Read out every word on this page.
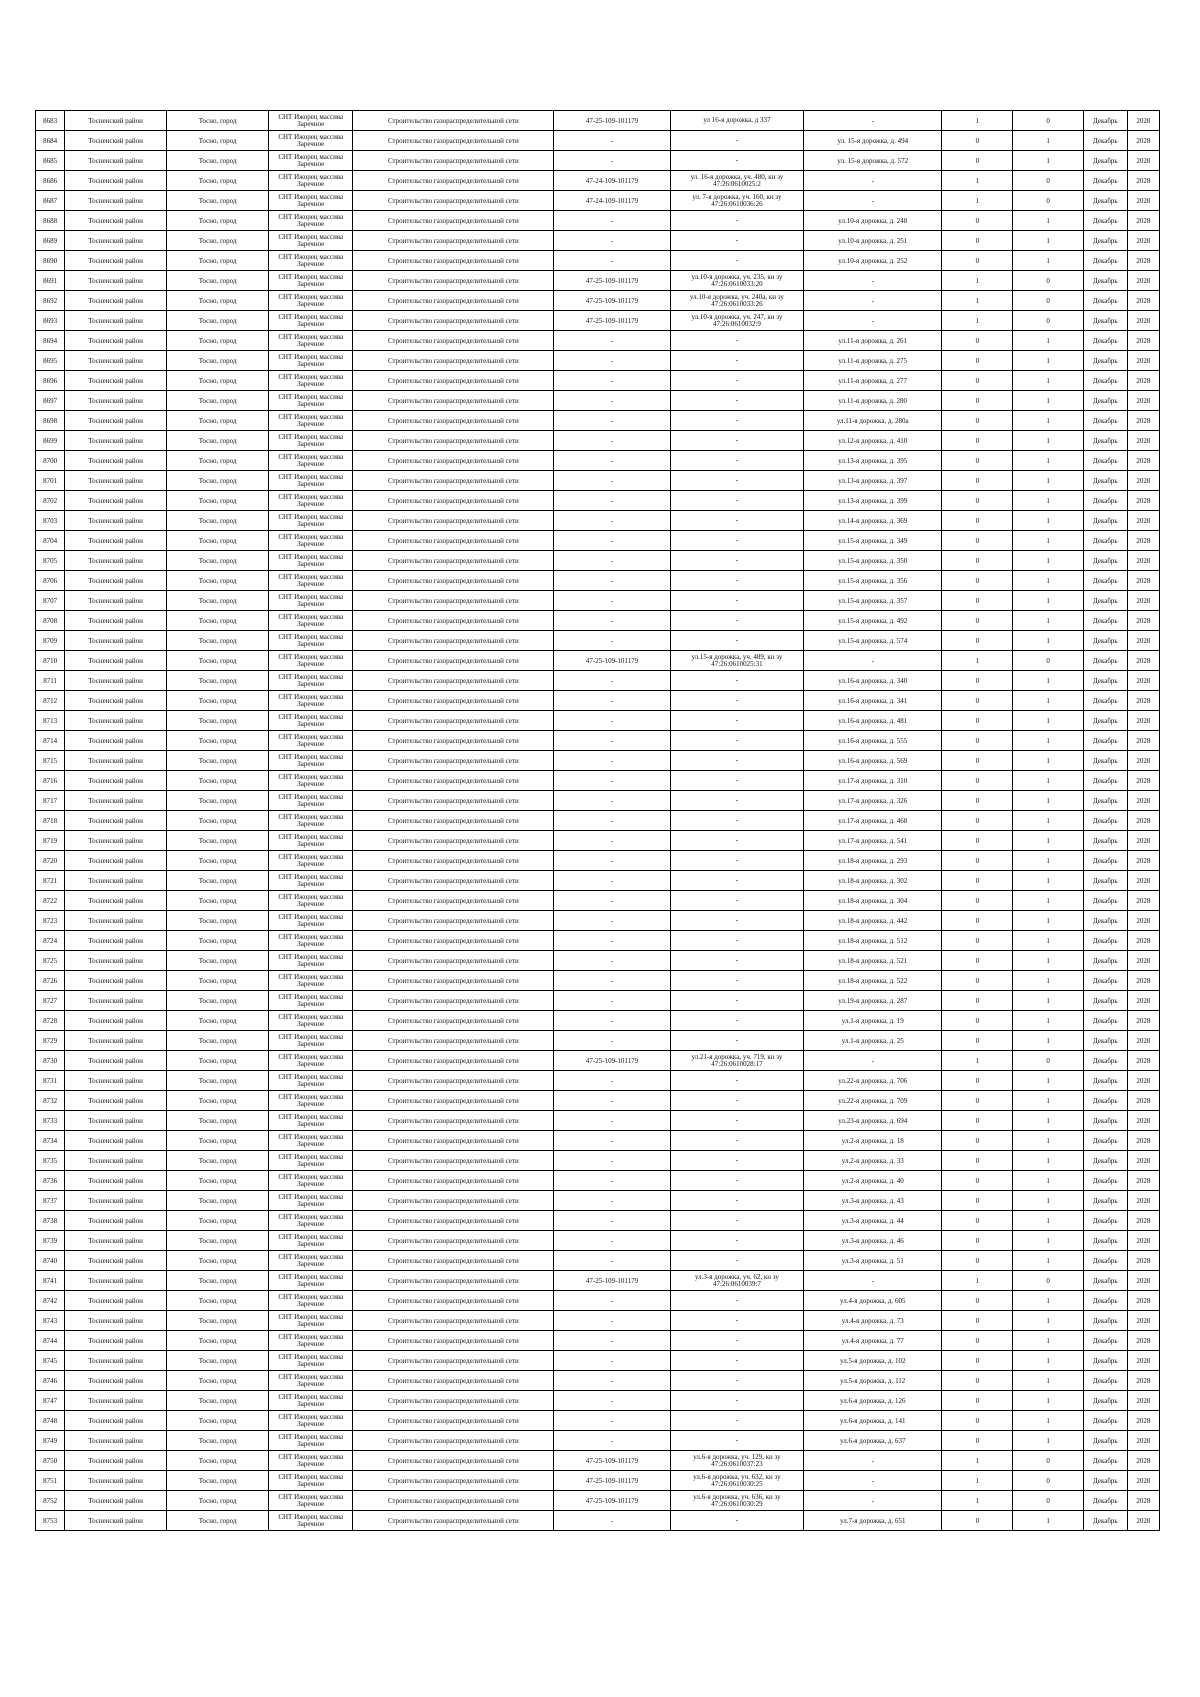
8683	Тосненский район	Тосно, город	СНТ Ижорец массива Заречное	Строительство газораспределительной сети	47-25-109-101179	ул 16-я дорожка, д 337	-	1	0	Декабрь	2028
8684	Тосненский район	Тосно, город	СНТ Ижорец массива Заречное	Строительство газораспределительной сети	-	-	ул. 15-я дорожка, д. 494	0	1	Декабрь	2028
8685	Тосненский район	Тосно, город	СНТ Ижорец массива Заречное	Строительство газораспределительной сети	-	-	ул. 15-я дорожка, д. 572	0	1	Декабрь	2028
8686	Тосненский район	Тосно, город	СНТ Ижорец массива Заречное	Строительство газораспределительной сети	47-24-109-101179	ул. 16-я дорожка, уч. 480, кн зу 47:26:0610025:2	-	1	0	Декабрь	2028
8687	Тосненский район	Тосно, город	СНТ Ижорец массива Заречное	Строительство газораспределительной сети	47-24-109-101179	ул. 7-я дорожка, уч. 160, кн зу 47:26:0610036:26	-	1	0	Декабрь	2028
8688	Тосненский район	Тосно, город	СНТ Ижорец массива Заречное	Строительство газораспределительной сети	-	-	ул.10-я дорожка, д. 248	0	1	Декабрь	2028
8689	Тосненский район	Тосно, город	СНТ Ижорец массива Заречное	Строительство газораспределительной сети	-	-	ул.10-я дорожка, д. 251	0	1	Декабрь	2028
8690	Тосненский район	Тосно, город	СНТ Ижорец массива Заречное	Строительство газораспределительной сети	-	-	ул.10-я дорожка, д. 252	0	1	Декабрь	2028
8691	Тосненский район	Тосно, город	СНТ Ижорец массива Заречное	Строительство газораспределительной сети	47-25-109-101179	ул.10-я дорожка, уч. 235, кн зу 47:26:0610033:20	-	1	0	Декабрь	2028
8692	Тосненский район	Тосно, город	СНТ Ижорец массива Заречное	Строительство газораспределительной сети	47-25-109-101179	ул.10-я дорожка, уч. 240а, кн зу 47:26:0610033:26	-	1	0	Декабрь	2028
8693	Тосненский район	Тосно, город	СНТ Ижорец массива Заречное	Строительство газораспределительной сети	47-25-109-101179	ул.10-я дорожка, уч. 247, кн зу 47:26:0610032:9	-	1	0	Декабрь	2028
8694	Тосненский район	Тосно, город	СНТ Ижорец массива Заречное	Строительство газораспределительной сети	-	-	ул.11-я дорожка, д. 261	0	1	Декабрь	2028
8695	Тосненский район	Тосно, город	СНТ Ижорец массива Заречное	Строительство газораспределительной сети	-	-	ул.11-я дорожка, д. 275	0	1	Декабрь	2028
8696	Тосненский район	Тосно, город	СНТ Ижорец массива Заречное	Строительство газораспределительной сети	-	-	ул.11-я дорожка, д. 277	0	1	Декабрь	2028
8697	Тосненский район	Тосно, город	СНТ Ижорец массива Заречное	Строительство газораспределительной сети	-	-	ул.11-я дорожка, д. 280	0	1	Декабрь	2028
8698	Тосненский район	Тосно, город	СНТ Ижорец массива Заречное	Строительство газораспределительной сети	-	-	ул.11-я дорожка, д. 280а	0	1	Декабрь	2028
8699	Тосненский район	Тосно, город	СНТ Ижорец массива Заречное	Строительство газораспределительной сети	-	-	ул.12-я дорожка, д. 410	0	1	Декабрь	2028
8700	Тосненский район	Тосно, город	СНТ Ижорец массива Заречное	Строительство газораспределительной сети	-	-	ул.13-я дорожка, д. 395	0	1	Декабрь	2028
8701	Тосненский район	Тосно, город	СНТ Ижорец массива Заречное	Строительство газораспределительной сети	-	-	ул.13-я дорожка, д. 397	0	1	Декабрь	2028
8702	Тосненский район	Тосно, город	СНТ Ижорец массива Заречное	Строительство газораспределительной сети	-	-	ул.13-я дорожка, д. 399	0	1	Декабрь	2028
8703	Тосненский район	Тосно, город	СНТ Ижорец массива Заречное	Строительство газораспределительной сети	-	-	ул.14-я дорожка, д. 369	0	1	Декабрь	2028
8704	Тосненский район	Тосно, город	СНТ Ижорец массива Заречное	Строительство газораспределительной сети	-	-	ул.15-я дорожка, д. 349	0	1	Декабрь	2028
8705	Тосненский район	Тосно, город	СНТ Ижорец массива Заречное	Строительство газораспределительной сети	-	-	ул.15-я дорожка, д. 350	0	1	Декабрь	2028
8706	Тосненский район	Тосно, город	СНТ Ижорец массива Заречное	Строительство газораспределительной сети	-	-	ул.15-я дорожка, д. 356	0	1	Декабрь	2028
8707	Тосненский район	Тосно, город	СНТ Ижорец массива Заречное	Строительство газораспределительной сети	-	-	ул.15-я дорожка, д. 357	0	1	Декабрь	2028
8708	Тосненский район	Тосно, город	СНТ Ижорец массива Заречное	Строительство газораспределительной сети	-	-	ул.15-я дорожка, д. 492	0	1	Декабрь	2028
8709	Тосненский район	Тосно, город	СНТ Ижорец массива Заречное	Строительство газораспределительной сети	-	-	ул.15-я дорожка, д. 574	0	1	Декабрь	2028
8710	Тосненский район	Тосно, город	СНТ Ижорец массива Заречное	Строительство газораспределительной сети	47-25-109-101179	ул.15-я дорожка, уч. 489, кн зу 47:26:0610025:31	-	1	0	Декабрь	2028
8711	Тосненский район	Тосно, город	СНТ Ижорец массива Заречное	Строительство газораспределительной сети	-	-	ул.16-я дорожка, д. 340	0	1	Декабрь	2028
8712	Тосненский район	Тосно, город	СНТ Ижорец массива Заречное	Строительство газораспределительной сети	-	-	ул.16-я дорожка, д. 341	0	1	Декабрь	2028
8713	Тосненский район	Тосно, город	СНТ Ижорец массива Заречное	Строительство газораспределительной сети	-	-	ул.16-я дорожка, д. 481	0	1	Декабрь	2028
8714	Тосненский район	Тосно, город	СНТ Ижорец массива Заречное	Строительство газораспределительной сети	-	-	ул.16-я дорожка, д. 555	0	1	Декабрь	2028
8715	Тосненский район	Тосно, город	СНТ Ижорец массива Заречное	Строительство газораспределительной сети	-	-	ул.16-я дорожка, д. 569	0	1	Декабрь	2028
8716	Тосненский район	Тосно, город	СНТ Ижорец массива Заречное	Строительство газораспределительной сети	-	-	ул.17-я дорожка, д. 310	0	1	Декабрь	2028
8717	Тосненский район	Тосно, город	СНТ Ижорец массива Заречное	Строительство газораспределительной сети	-	-	ул.17-я дорожка, д. 326	0	1	Декабрь	2028
8718	Тосненский район	Тосно, город	СНТ Ижорец массива Заречное	Строительство газораспределительной сети	-	-	ул.17-я дорожка, д. 468	0	1	Декабрь	2028
8719	Тосненский район	Тосно, город	СНТ Ижорец массива Заречное	Строительство газораспределительной сети	-	-	ул.17-я дорожка, д. 541	0	1	Декабрь	2028
8720	Тосненский район	Тосно, город	СНТ Ижорец массива Заречное	Строительство газораспределительной сети	-	-	ул.18-я дорожка, д. 293	0	1	Декабрь	2028
8721	Тосненский район	Тосно, город	СНТ Ижорец массива Заречное	Строительство газораспределительной сети	-	-	ул.18-я дорожка, д. 302	0	1	Декабрь	2028
8722	Тосненский район	Тосно, город	СНТ Ижорец массива Заречное	Строительство газораспределительной сети	-	-	ул.18-я дорожка, д. 304	0	1	Декабрь	2028
8723	Тосненский район	Тосно, город	СНТ Ижорец массива Заречное	Строительство газораспределительной сети	-	-	ул.18-я дорожка, д. 442	0	1	Декабрь	2028
8724	Тосненский район	Тосно, город	СНТ Ижорец массива Заречное	Строительство газораспределительной сети	-	-	ул.18-я дорожка, д. 512	0	1	Декабрь	2028
8725	Тосненский район	Тосно, город	СНТ Ижорец массива Заречное	Строительство газораспределительной сети	-	-	ул.18-я дорожка, д. 521	0	1	Декабрь	2028
8726	Тосненский район	Тосно, город	СНТ Ижорец массива Заречное	Строительство газораспределительной сети	-	-	ул.18-я дорожка, д. 522	0	1	Декабрь	2028
8727	Тосненский район	Тосно, город	СНТ Ижорец массива Заречное	Строительство газораспределительной сети	-	-	ул.19-я дорожка, д. 287	0	1	Декабрь	2028
8728	Тосненский район	Тосно, город	СНТ Ижорец массива Заречное	Строительство газораспределительной сети	-	-	ул.1-я дорожка, д. 19	0	1	Декабрь	2028
8729	Тосненский район	Тосно, город	СНТ Ижорец массива Заречное	Строительство газораспределительной сети	-	-	ул.1-я дорожка, д. 25	0	1	Декабрь	2028
8730	Тосненский район	Тосно, город	СНТ Ижорец массива Заречное	Строительство газораспределительной сети	47-25-109-101179	ул.21-я дорожка, уч. 719, кн зу 47:26:0610028:17	-	1	0	Декабрь	2028
8731	Тосненский район	Тосно, город	СНТ Ижорец массива Заречное	Строительство газораспределительной сети	-	-	ул.22-я дорожка, д. 706	0	1	Декабрь	2028
8732	Тосненский район	Тосно, город	СНТ Ижорец массива Заречное	Строительство газораспределительной сети	-	-	ул.22-я дорожка, д. 709	0	1	Декабрь	2028
8733	Тосненский район	Тосно, город	СНТ Ижорец массива Заречное	Строительство газораспределительной сети	-	-	ул.23-я дорожка, д. 694	0	1	Декабрь	2028
8734	Тосненский район	Тосно, город	СНТ Ижорец массива Заречное	Строительство газораспределительной сети	-	-	ул.2-я дорожка, д. 18	0	1	Декабрь	2028
8735	Тосненский район	Тосно, город	СНТ Ижорец массива Заречное	Строительство газораспределительной сети	-	-	ул.2-я дорожка, д. 33	0	1	Декабрь	2028
8736	Тосненский район	Тосно, город	СНТ Ижорец массива Заречное	Строительство газораспределительной сети	-	-	ул.2-я дорожка, д. 40	0	1	Декабрь	2028
8737	Тосненский район	Тосно, город	СНТ Ижорец массива Заречное	Строительство газораспределительной сети	-	-	ул.3-я дорожка, д. 43	0	1	Декабрь	2028
8738	Тосненский район	Тосно, город	СНТ Ижорец массива Заречное	Строительство газораспределительной сети	-	-	ул.3-я дорожка, д. 44	0	1	Декабрь	2028
8739	Тосненский район	Тосно, город	СНТ Ижорец массива Заречное	Строительство газораспределительной сети	-	-	ул.3-я дорожка, д. 46	0	1	Декабрь	2028
8740	Тосненский район	Тосно, город	СНТ Ижорец массива Заречное	Строительство газораспределительной сети	-	-	ул.3-я дорожка, д. 51	0	1	Декабрь	2028
8741	Тосненский район	Тосно, город	СНТ Ижорец массива Заречное	Строительство газораспределительной сети	47-25-109-101179	ул.3-я дорожка, уч. 62, кн зу 47:26:0610039:7	-	1	0	Декабрь	2028
8742	Тосненский район	Тосно, город	СНТ Ижорец массива Заречное	Строительство газораспределительной сети	-	-	ул.4-я дорожка, д. 605	0	1	Декабрь	2028
8743	Тосненский район	Тосно, город	СНТ Ижорец массива Заречное	Строительство газораспределительной сети	-	-	ул.4-я дорожка, д. 73	0	1	Декабрь	2028
8744	Тосненский район	Тосно, город	СНТ Ижорец массива Заречное	Строительство газораспределительной сети	-	-	ул.4-я дорожка, д. 77	0	1	Декабрь	2028
8745	Тосненский район	Тосно, город	СНТ Ижорец массива Заречное	Строительство газораспределительной сети	-	-	ул.5-я дорожка, д. 102	0	1	Декабрь	2028
8746	Тосненский район	Тосно, город	СНТ Ижорец массива Заречное	Строительство газораспределительной сети	-	-	ул.5-я дорожка, д. 112	0	1	Декабрь	2028
8747	Тосненский район	Тосно, город	СНТ Ижорец массива Заречное	Строительство газораспределительной сети	-	-	ул.6-я дорожка, д. 126	0	1	Декабрь	2028
8748	Тосненский район	Тосно, город	СНТ Ижорец массива Заречное	Строительство газораспределительной сети	-	-	ул.6-я дорожка, д. 141	0	1	Декабрь	2028
8749	Тосненский район	Тосно, город	СНТ Ижорец массива Заречное	Строительство газораспределительной сети	-	-	ул.6-я дорожка, д. 637	0	1	Декабрь	2028
8750	Тосненский район	Тосно, город	СНТ Ижорец массива Заречное	Строительство газораспределительной сети	47-25-109-101179	ул.6-я дорожка, уч. 129, кн зу 47:26:0610037:23	-	1	0	Декабрь	2028
8751	Тосненский район	Тосно, город	СНТ Ижорец массива Заречное	Строительство газораспределительной сети	47-25-109-101179	ул.6-я дорожка, уч. 632, кн зу 47:26:0610030:25	-	1	0	Декабрь	2028
8752	Тосненский район	Тосно, город	СНТ Ижорец массива Заречное	Строительство газораспределительной сети	47-25-109-101179	ул.6-я дорожка, уч. 636, кн зу 47:26:0610030:29	-	1	0	Декабрь	2028
8753	Тосненский район	Тосно, город	СНТ Ижорец массива Заречное	Строительство газораспределительной сети	-	-	ул.7-я дорожка, д. 651	0	1	Декабрь	2028
